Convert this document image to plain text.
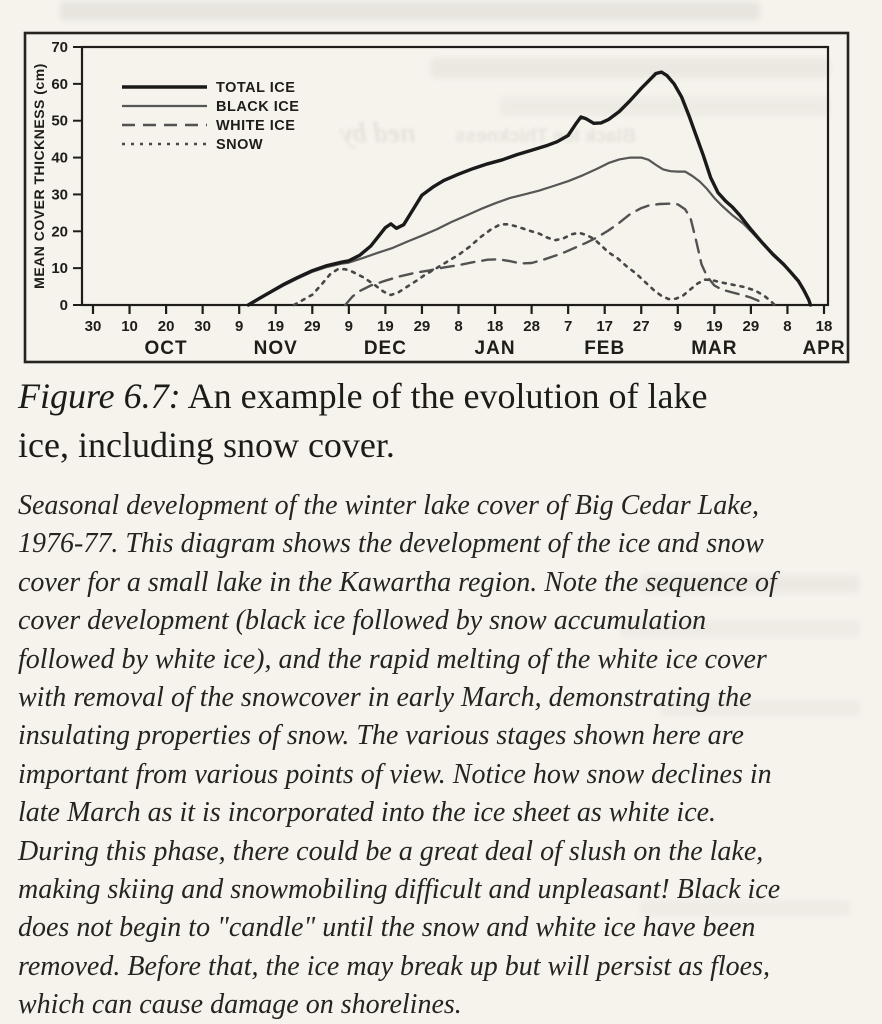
ned by Black Ice Thickness
0
10
20
30
40
50
60
70
30 10 20 30 9 19 29 9 19 29 8 18 28 7 17 27 9 19 29 8 18
OCT	NOV	DEC	JAN	FEB	MAR	APR
MEAN COVER THICKNESS (cm)	TOTAL ICE
BLACK ICE
WHITE ICE
SNOW
Figure 6.7: An example of the evolution of lake
ice, including snow cover.
Seasonal development of the winter lake cover of Big Cedar Lake,
1976-77. This diagram shows the development of the ice and snow
cover for a small lake in the Kawartha region. Note the sequence of
cover development (black ice followed by snow accumulation
followed by white ice), and the rapid melting of the white ice cover
with removal of the snowcover in early March, demonstrating the
insulating properties of snow. The various stages shown here are
important from various points of view. Notice how snow declines in
late March as it is incorporated into the ice sheet as white ice.
During this phase, there could be a great deal of slush on the lake,
making skiing and snowmobiling difficult and unpleasant! Black ice
does not begin to "candle" until the snow and white ice have been
removed. Before that, the ice may break up but will persist as floes,
which can cause damage on shorelines.
